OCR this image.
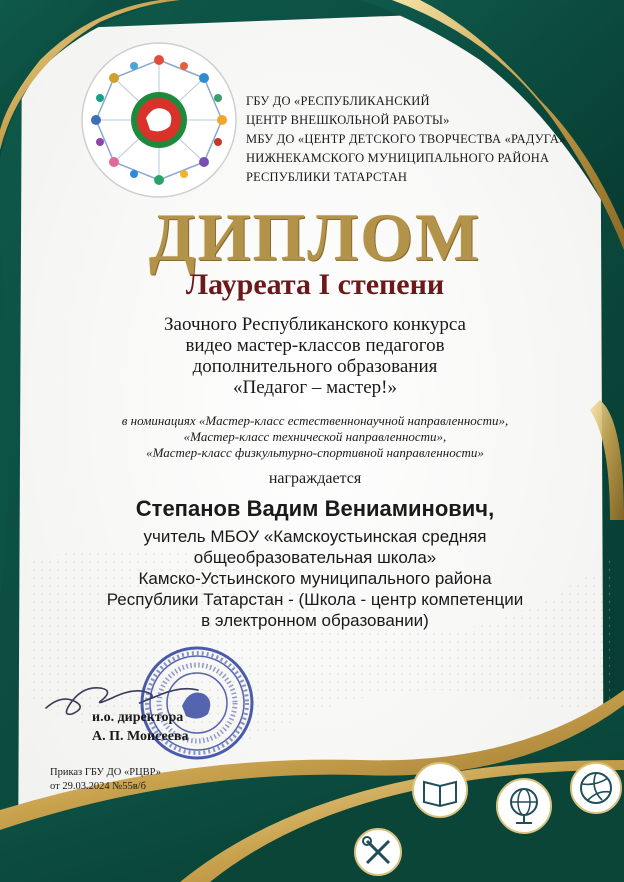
ГБУ ДО «РЕСПУБЛИКАНСКИЙ
ЦЕНТР ВНЕШКОЛЬНОЙ РАБОТЫ»
МБУ ДО «ЦЕНТР ДЕТСКОГО ТВОРЧЕСТВА «РАДУГА»
НИЖНЕКАМСКОГО МУНИЦИПАЛЬНОГО РАЙОНА
РЕСПУБЛИКИ ТАТАРСТАН
ДИПЛОМ
Лауреата I степени
Заочного Республиканского конкурса
видео мастер-классов педагогов
дополнительного образования
«Педагог – мастер!»
в номинациях «Мастер-класс естественнонаучной направленности»,
«Мастер-класс технической направленности»,
«Мастер-класс физкультурно-спортивной направленности»
награждается
Степанов Вадим Вениаминович,
учитель МБОУ «Камскоустьинская средняя
общеобразовательная школа»
Камско-Устьинского муниципального района
Республики Татарстан - (Школа - центр компетенции
в электронном образовании)
и.о. директора
А. П. Моисеева
Приказ ГБУ ДО «РЦВР»
от 29.03.2024 №55в/б
